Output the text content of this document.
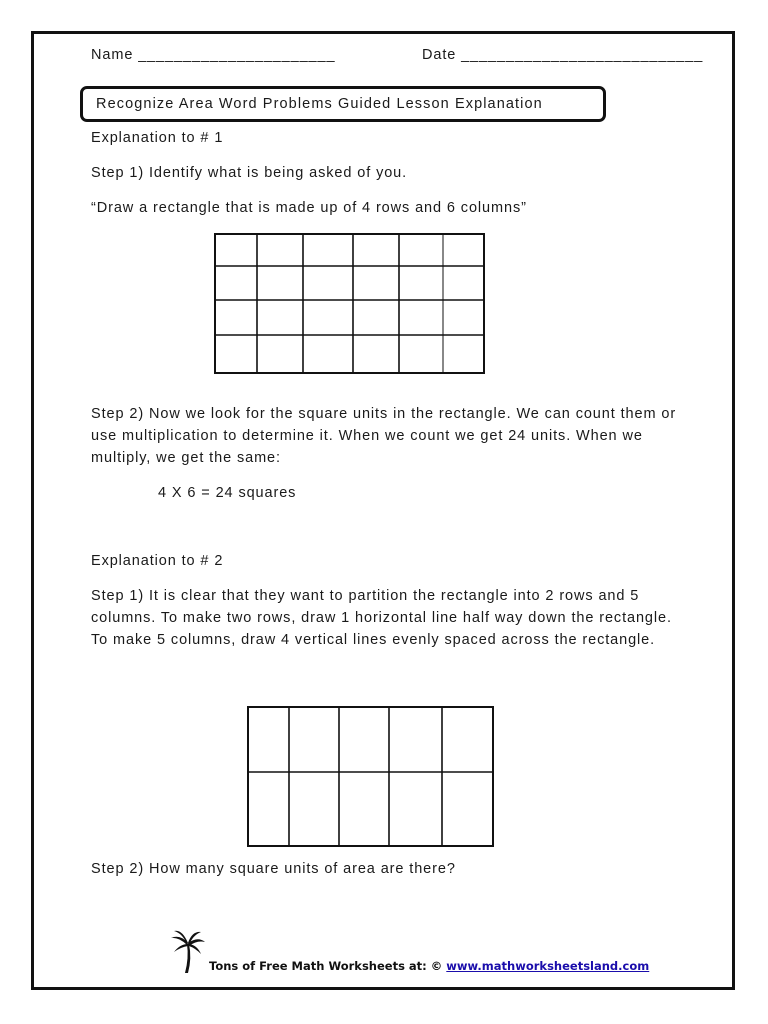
Name ______________________	Date ___________________________
Recognize Area Word Problems Guided Lesson Explanation
Explanation to # 1
Step 1) Identify what is being asked of you.
“Draw a rectangle that is made up of 4 rows and 6 columns”
Step 2) Now we look for the square units in the rectangle. We can count them or use multiplication to determine it. When we count we get 24 units. When we multiply, we get the same:
4 X 6 = 24 squares
Explanation to # 2
Step 1) It is clear that they want to partition the rectangle into 2 rows and 5 columns. To make two rows, draw 1 horizontal line half way down the rectangle. To make 5 columns, draw 4 vertical lines evenly spaced across the rectangle.
Step 2) How many square units of area are there?
Tons of Free Math Worksheets at: © www.mathworksheetsland.com
